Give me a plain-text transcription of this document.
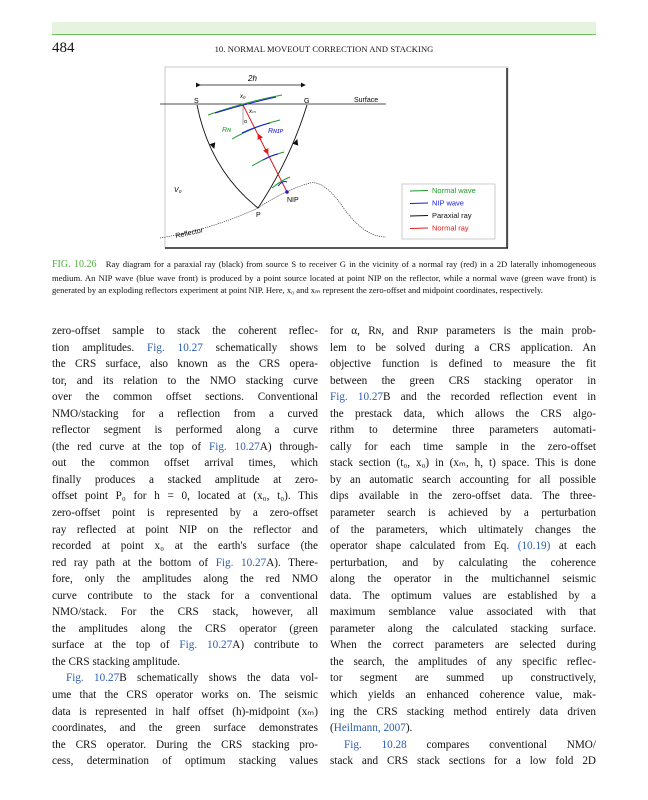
484	10. NORMAL MOVEOUT CORRECTION AND STACKING
2h
Surface
S	G
x₀
xₘ
α
Rɴ	Rɴɪᴘ
NIP
P
V₀
Reflector
Normal wave
NIP wave
Paraxial ray
Normal ray
FIG. 10.26 Ray diagram for a paraxial ray (black) from source S to receiver G in the vicinity of a normal ray (red) in a 2D laterally inhomogeneous medium. An NIP wave (blue wave front) is produced by a point source located at point NIP on the reflector, while a normal wave (green wave front) is generated by an exploding reflectors experiment at point NIP. Here, x₀ and xₘ represent the zero-offset and midpoint coordinates, respectively.
zero-offset sample to stack the coherent reflec-
tion amplitudes. Fig. 10.27 schematically shows
the CRS surface, also known as the CRS opera-
tor, and its relation to the NMO stacking curve
over the common offset sections. Conventional
NMO/stacking for a reflection from a curved
reflector segment is performed along a curve
(the red curve at the top of Fig. 10.27A) through-
out the common offset arrival times, which
finally produces a stacked amplitude at zero-
offset point P₀ for h = 0, located at (x₀, t₀). This
zero-offset point is represented by a zero-offset
ray reflected at point NIP on the reflector and
recorded at point x₀ at the earth's surface (the
red ray path at the bottom of Fig. 10.27A). There-
fore, only the amplitudes along the red NMO
curve contribute to the stack for a conventional
NMO/stack. For the CRS stack, however, all
the amplitudes along the CRS operator (green
surface at the top of Fig. 10.27A) contribute to
the CRS stacking amplitude.
Fig. 10.27B schematically shows the data vol-
ume that the CRS operator works on. The seismic
data is represented in half offset (h)-midpoint (xₘ)
coordinates, and the green surface demonstrates
the CRS operator. During the CRS stacking pro-
cess, determination of optimum stacking values
for α, Rɴ, and Rɴɪᴘ parameters is the main prob-
lem to be solved during a CRS application. An
objective function is defined to measure the fit
between the green CRS stacking operator in
Fig. 10.27B and the recorded reflection event in
the prestack data, which allows the CRS algo-
rithm to determine three parameters automati-
cally for each time sample in the zero-offset
stack section (t₀, x₀) in (xₘ, h, t) space. This is done
by an automatic search accounting for all possible
dips available in the zero-offset data. The three-
parameter search is achieved by a perturbation
of the parameters, which ultimately changes the
operator shape calculated from Eq. (10.19) at each
perturbation, and by calculating the coherence
along the operator in the multichannel seismic
data. The optimum values are established by a
maximum semblance value associated with that
parameter along the calculated stacking surface.
When the correct parameters are selected during
the search, the amplitudes of any specific reflec-
tor segment are summed up constructively,
which yields an enhanced coherence value, mak-
ing the CRS stacking method entirely data driven
(Heilmann, 2007).
Fig. 10.28 compares conventional NMO/
stack and CRS stack sections for a low fold 2D
